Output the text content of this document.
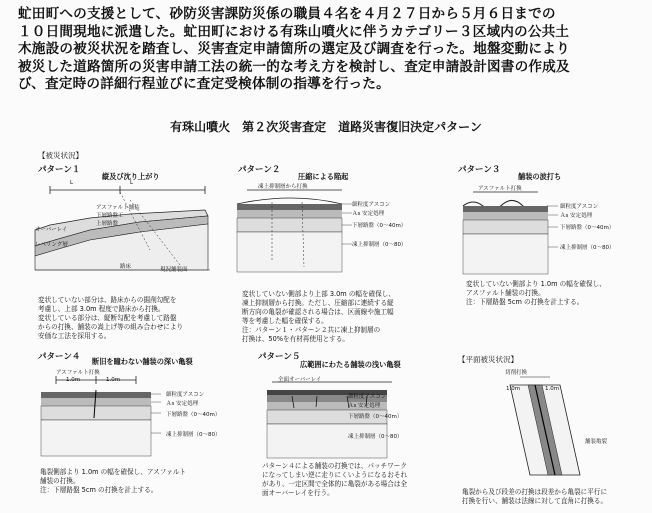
虻田町への支援として、砂防災害課防災係の職員４名を４月２７日から５月６日までの

１０日間現地に派遣した。虻田町における有珠山噴火に伴うカテゴリー３区域内の公共土

木施設の被災状況を踏査し、災害査定申請箇所の選定及び調査を行った。地盤変動により

被災した道路箇所の災害申請工法の統一的な考え方を検討し、査定申請設計図書の作成及

び、査定時の詳細行程並びに査定受検体制の指導を行った。

有珠山噴火　第２次災害査定　道路災害復旧決定パターン
【被災状況】
パターン１
縦及び沈り上がり
L	L
アスファルト舗装
下層路盤工
上層路盤
オーバーレイ
レベリング層
現況舗装面
路床
変状していない部分は、路床からの掘削勾配を
考慮し、上部 3.0m 程度で路床から打換。
変状している部分は、縦断勾配を考慮して路盤
からの打換、舗装の嵩上げ等の組み合わせにより
安価な工法を採用する。
パターン２
圧縮による陥起
凍上抑制層から打換
細粒度アスコン
Ａs 安定処理
下層路盤（0～40m）
凍上抑制層（0～80）
変状していない側部より上部 3.0m の幅を確保し、
凍上抑制層から打換。ただし、圧縮部に連続する縦
断方向の亀裂が確認される場合は、区画線や施工幅
等を考慮した幅を確保する。
注：パターン１・パターン２共に凍上抑制層の
打換は、50%を有材再使用とする。
パターン３
舗装の波打ち
アスファルト打換
細粒度アスコン
Ａs 安定処理
下層路盤（0～40m）
凍上抑制層（0～80）
変状していない側部より 1.0m の幅を確保し、
アスファルト舗装の打換。
注：下層路盤 5cm の打換を計上する。
パターン４ 断旧を瞳わない舗装の深い亀裂
アスファルト打換
1.0m	1.0m
細粒度アスコン
Ａs 安定処理
下層路盤（0～40m）
凍上抑制層（0～80）
亀裂側部より 1.0m の幅を確保し、アスファルト
舗装の打換。
注：下層路盤 5cm の打換を計上する。
パターン５
広範囲にわたる舗装の浅い亀裂
全面オーバーレイ
細粒度アスコン
Ａs 安定処理
下層路盤（0～40m）
凍上抑制層（0～80）
パターン４による舗装の打換では、パッチワーク
になってしまい逆に走りにくいようになるおそれ
があり、一定区間で全体的に亀裂がある場合は全
面オーバーレイを行う。
【平面被災状況】
切削打換
舗装亀裂
1.0m	1.0m
亀裂から及び段差の打換は段差から亀裂に平行に
打換を行い、舗装は法線に対して直角に打換る。
